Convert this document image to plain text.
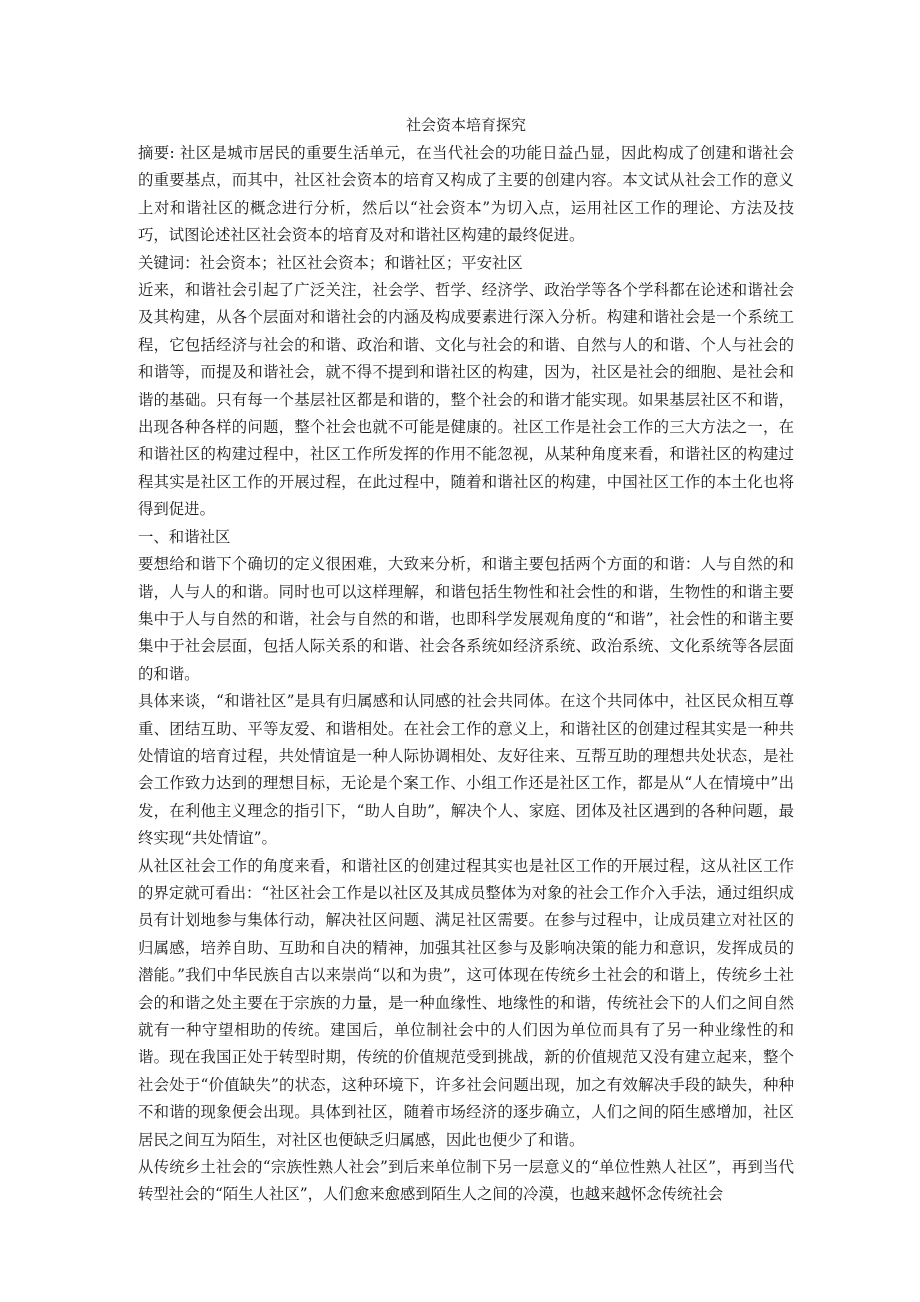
社会资本培育探究

摘要: 社区是城市居民的重要生活单元，在当代社会的功能日益凸显，因此构成了创建和谐社会的重要基点，而其中，社区社会资本的培育又构成了主要的创建内容。本文试从社会工作的意义上对和谐社区的概念进行分析，然后以“社会资本”为切入点，运用社区工作的理论、方法及技巧，试图论述社区社会资本的培育及对和谐社区构建的最终促进。

关键词：社会资本；社区社会资本；和谐社区；平安社区

近来，和谐社会引起了广泛关注，社会学、哲学、经济学、政治学等各个学科都在论述和谐社会及其构建，从各个层面对和谐社会的内涵及构成要素进行深入分析。构建和谐社会是一个系统工程，它包括经济与社会的和谐、政治和谐、文化与社会的和谐、自然与人的和谐、个人与社会的和谐等，而提及和谐社会，就不得不提到和谐社区的构建，因为，社区是社会的细胞、是社会和谐的基础。只有每一个基层社区都是和谐的，整个社会的和谐才能实现。如果基层社区不和谐，出现各种各样的问题，整个社会也就不可能是健康的。社区工作是社会工作的三大方法之一，在和谐社区的构建过程中，社区工作所发挥的作用不能忽视，从某种角度来看，和谐社区的构建过程其实是社区工作的开展过程，在此过程中，随着和谐社区的构建，中国社区工作的本土化也将得到促进。

一、和谐社区

要想给和谐下个确切的定义很困难，大致来分析，和谐主要包括两个方面的和谐：人与自然的和谐，人与人的和谐。同时也可以这样理解，和谐包括生物性和社会性的和谐，生物性的和谐主要集中于人与自然的和谐，社会与自然的和谐，也即科学发展观角度的“和谐”，社会性的和谐主要集中于社会层面，包括人际关系的和谐、社会各系统如经济系统、政治系统、文化系统等各层面的和谐。

具体来谈，“和谐社区”是具有归属感和认同感的社会共同体。在这个共同体中，社区民众相互尊重、团结互助、平等友爱、和谐相处。在社会工作的意义上，和谐社区的创建过程其实是一种共处情谊的培育过程，共处情谊是一种人际协调相处、友好往来、互帮互助的理想共处状态，是社会工作致力达到的理想目标，无论是个案工作、小组工作还是社区工作，都是从“人在情境中”出发，在利他主义理念的指引下，“助人自助”，解决个人、家庭、团体及社区遇到的各种问题，最终实现“共处情谊”。

从社区社会工作的角度来看，和谐社区的创建过程其实也是社区工作的开展过程，这从社区工作的界定就可看出：“社区社会工作是以社区及其成员整体为对象的社会工作介入手法，通过组织成员有计划地参与集体行动，解决社区问题、满足社区需要。在参与过程中，让成员建立对社区的归属感，培养自助、互助和自决的精神，加强其社区参与及影响决策的能力和意识，发挥成员的潜能。”我们中华民族自古以来崇尚“以和为贵”，这可体现在传统乡土社会的和谐上，传统乡土社会的和谐之处主要在于宗族的力量，是一种血缘性、地缘性的和谐，传统社会下的人们之间自然就有一种守望相助的传统。建国后，单位制社会中的人们因为单位而具有了另一种业缘性的和谐。现在我国正处于转型时期，传统的价值规范受到挑战，新的价值规范又没有建立起来，整个社会处于“价值缺失”的状态，这种环境下，许多社会问题出现，加之有效解决手段的缺失，种种不和谐的现象便会出现。具体到社区，随着市场经济的逐步确立，人们之间的陌生感增加，社区居民之间互为陌生，对社区也便缺乏归属感，因此也便少了和谐。

从传统乡土社会的“宗族性熟人社会”到后来单位制下另一层意义的“单位性熟人社区”，再到当代转型社会的“陌生人社区”，人们愈来愈感到陌生人之间的冷漠，也越来越怀念传统社会
